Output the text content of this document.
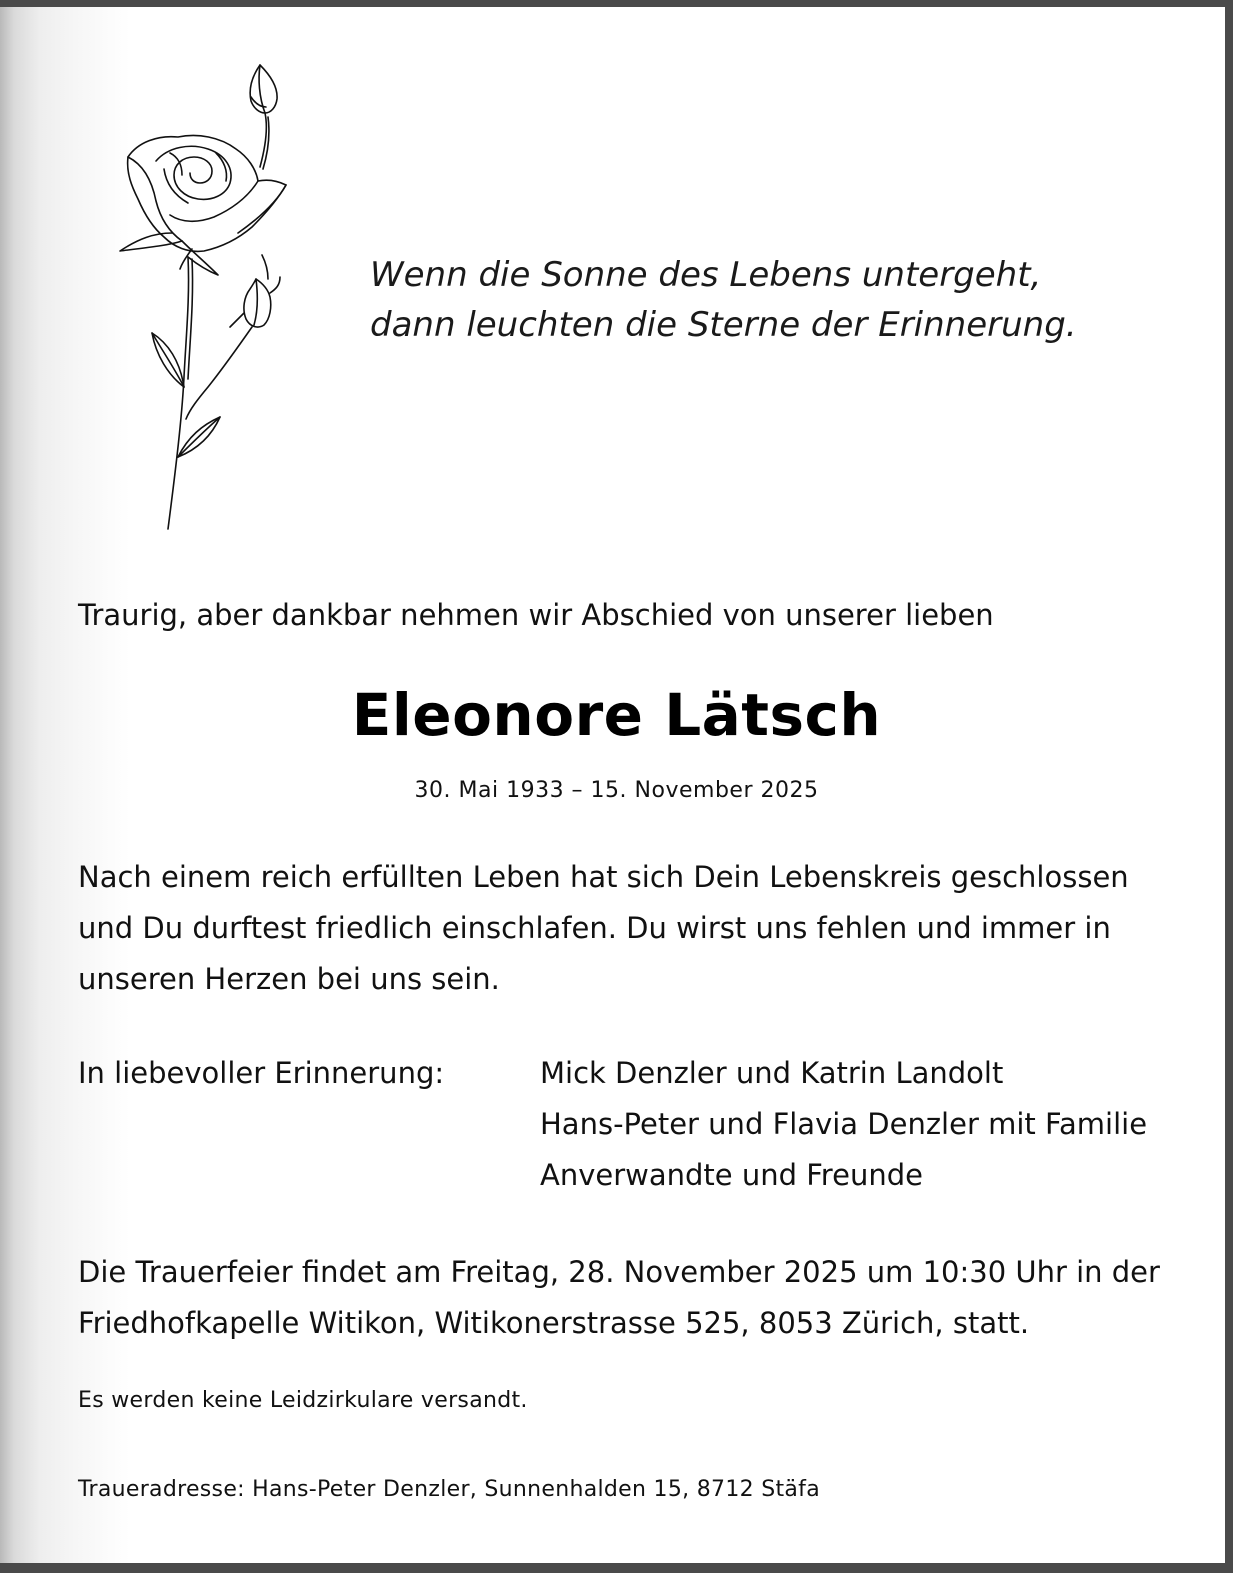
Wenn die Sonne des Lebens untergeht,
dann leuchten die Sterne der Erinnerung.
Traurig, aber dankbar nehmen wir Abschied von unserer lieben
Eleonore Lätsch
30. Mai 1933 – 15. November 2025
Nach einem reich erfüllten Leben hat sich Dein Lebenskreis geschlossen
und Du durftest friedlich einschlafen. Du wirst uns fehlen und immer in
unseren Herzen bei uns sein.
In liebevoller Erinnerung:	Mick Denzler und Katrin Landolt
Hans-Peter und Flavia Denzler mit Familie
Anverwandte und Freunde
Die Trauerfeier findet am Freitag, 28. November 2025 um 10:30 Uhr in der
Friedhofkapelle Witikon, Witikonerstrasse 525, 8053 Zürich, statt.
Es werden keine Leidzirkulare versandt.
Traueradresse: Hans-Peter Denzler, Sunnenhalden 15, 8712 Stäfa
